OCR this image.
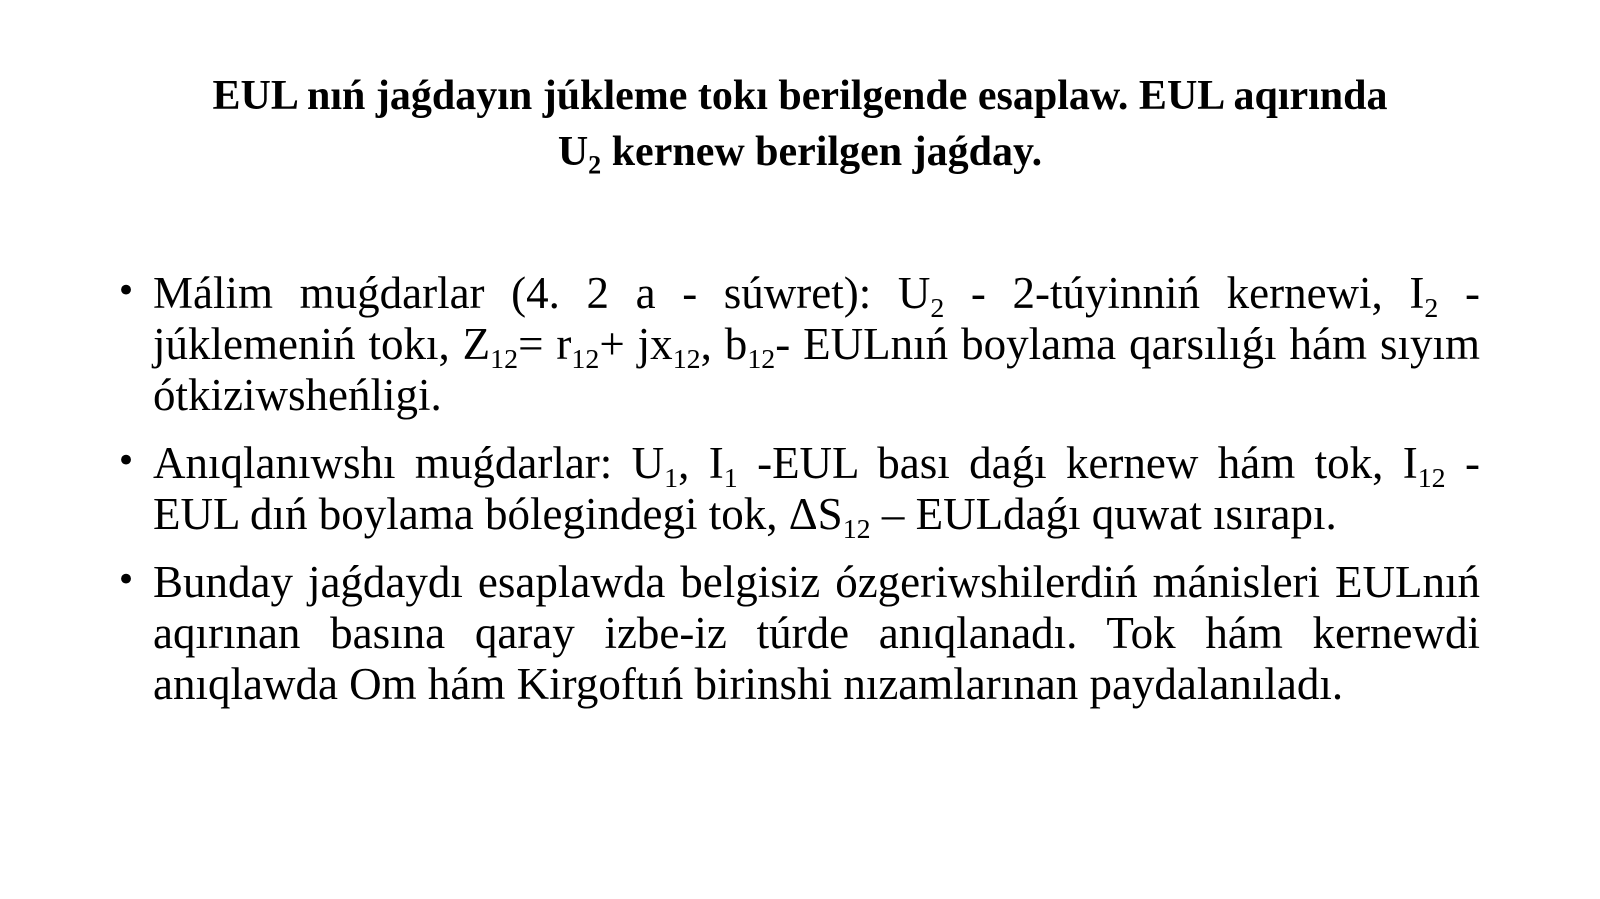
EUL nıń jaǵdayın júkleme tokı berilgende esaplaw. EUL aqırında
$U_2$ kernew berilgen jaǵday.
• Málim muǵdarlar (4. 2 a - súwret): $U_2$ - 2-túyinniń kernewi, $I_2$ - júklemeniń tokı, $Z_{12}= r_{12}+ jx_{12}$, $b_{12}-$ EULnıń boylama qarsılıǵı hám sıyım ótkiziwsheńligi.
• Anıqlanıwshı muǵdarlar: $U_1$, $I_1$ -EUL bası daǵı kernew hám tok, $I_{12}$ - EUL dıń boylama bólegindegi tok, $\Delta S_{12}$ – EULdaǵı quwat ısırapı.
• Bunday jaǵdaydı esaplawda belgisiz ózgeriwshilerdiń mánisleri EULnıń aqırınan basına qaray izbe-iz túrde anıqlanadı. Tok hám kernewdi anıqlawda Om hám Kirgoftıń birinshi nızamlarınan paydalanıladı.
